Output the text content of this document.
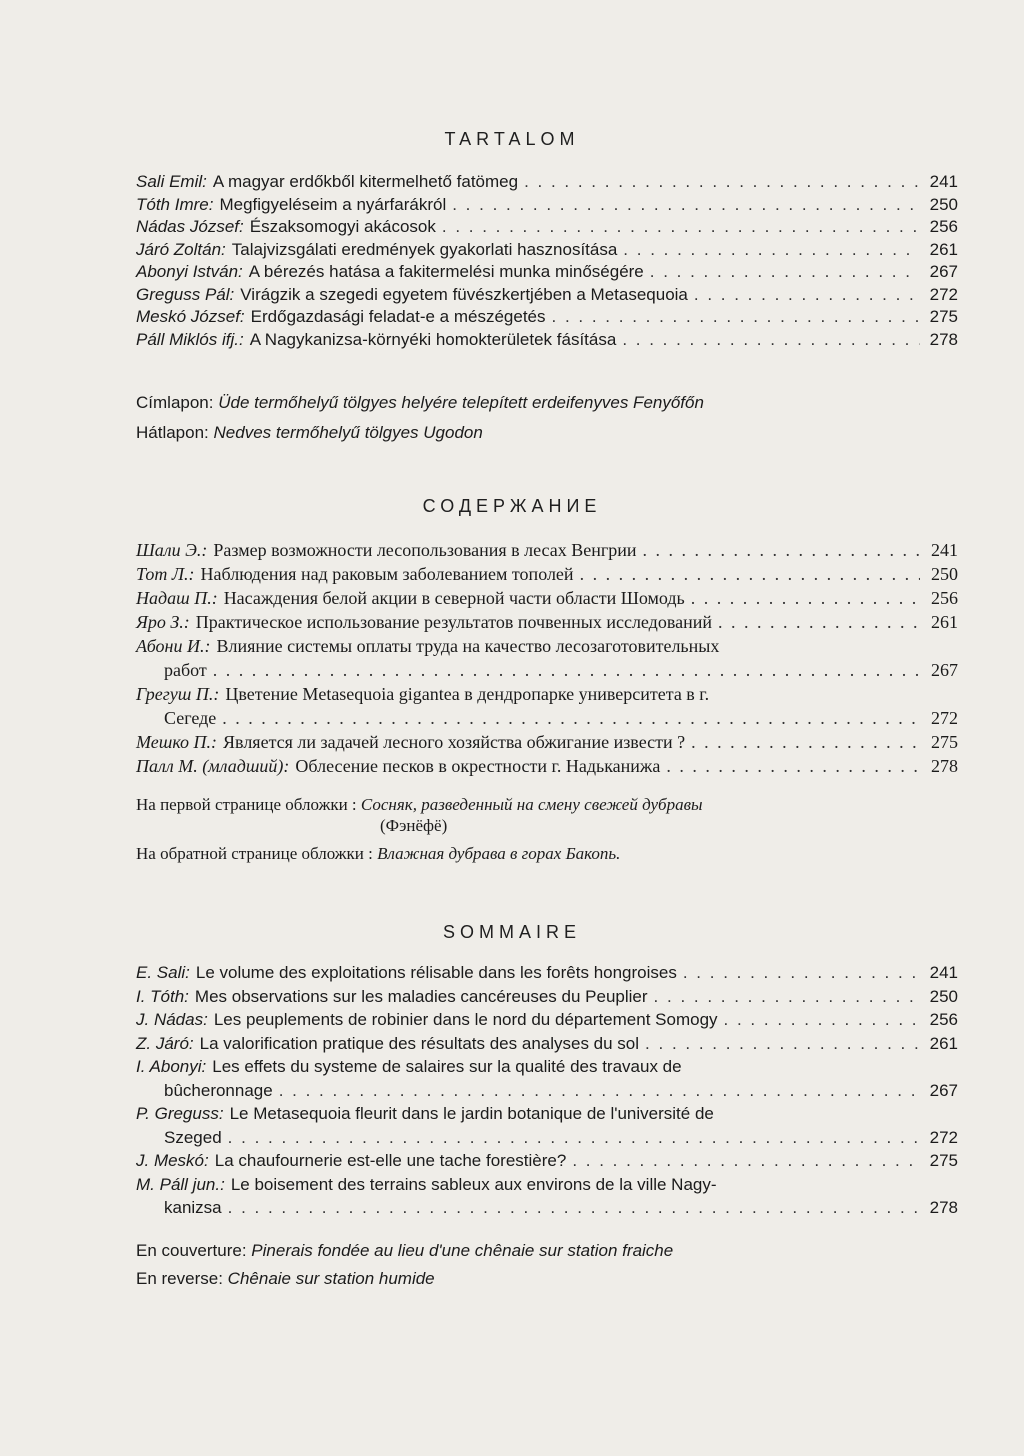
TARTALOM
Sali Emil: A magyar erdőkből kitermelhető fatömeg . . .	241
Tóth Imre: Megfigyeléseim a nyárfarákról . . .	250
Nádas József: Északsomogyi akácosok . . .	256
Járó Zoltán: Talajvizsgálati eredmények gyakorlati hasznosítása . . .	261
Abonyi István: A bérezés hatása a fakitermelési munka minőségére . . .	267
Greguss Pál: Virágzik a szegedi egyetem füvészkertjében a Metasequoia . . .	272
Meskó József: Erdőgazdasági feladat-e a mészégetés . . .	275
Páll Miklós ifj.: A Nagykanizsa-környéki homokterületek fásítása . . .	278
Címlapon: Üde termőhelyű tölgyes helyére telepített erdeifenyves Fenyőfőn
Hátlapon: Nedves termőhelyű tölgyes Ugodon
СОДЕРЖАНИЕ
Шали Э.: Размер возможности лесопользования в лесах Венгрии . . .	241
Тот Л.: Наблюдения над раковым заболеванием тополей . . .	250
Надаш П.: Насаждения белой акции в северной части области Шомодь . . .	256
Яро З.: Практическое использование результатов почвенных исследований . . .	261
Абони И.: Влияние системы оплаты труда на качество лесозаготовительных
работ . . .	267
Грегуш П.: Цветение Metasequoia gigantea в дендропарке университета в г.
Сегеде . . .	272
Мешко П.: Является ли задачей лесного хозяйства обжигание извести ? . . .	275
Палл М. (младший): Облесение песков в окрестности г. Надьканижа . . .	278
На первой странице обложки : Сосняк, разведенный на смену свежей дубравы
(Фэнёфё)
На обратной странице обложки : Влажная дубрава в горах Бакопь.
SOMMAIRE
E. Sali: Le volume des exploitations rélisable dans les forêts hongroises . . .	241
I. Tóth: Mes observations sur les maladies cancéreuses du Peuplier . . .	250
J. Nádas: Les peuplements de robinier dans le nord du département Somogy . . .	256
Z. Járó: La valorification pratique des résultats des analyses du sol . . .	261
I. Abonyi: Les effets du systeme de salaires sur la qualité des travaux de
bûcheronnage . . .	267
P. Greguss: Le Metasequoia fleurit dans le jardin botanique de l'université de
Szeged . . .	272
J. Meskó: La chaufournerie est-elle une tache forestière? . . .	275
M. Páll jun.: Le boisement des terrains sableux aux environs de la ville Nagy-
kanizsa . . .	278
En couverture: Pinerais fondée au lieu d'une chênaie sur station fraiche
En reverse: Chênaie sur station humide
